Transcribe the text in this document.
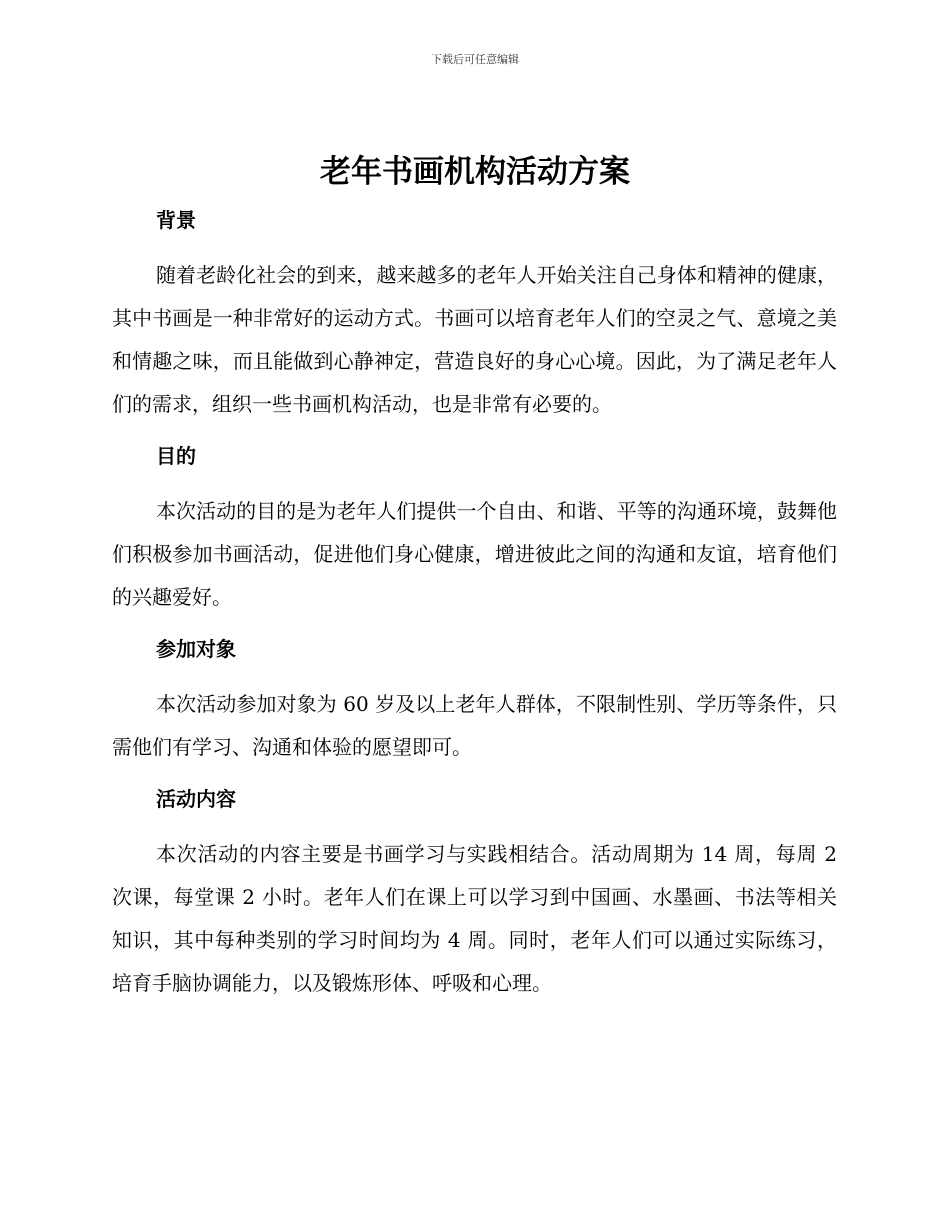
下载后可任意编辑
老年书画机构活动方案
背景

随着老龄化社会的到来，越来越多的老年人开始关注自己身体和精神的健康，其中书画是一种非常好的运动方式。书画可以培育老年人们的空灵之气、意境之美和情趣之味，而且能做到心静神定，营造良好的身心心境。因此，为了满足老年人们的需求，组织一些书画机构活动，也是非常有必要的。

目的

本次活动的目的是为老年人们提供一个自由、和谐、平等的沟通环境，鼓舞他们积极参加书画活动，促进他们身心健康，增进彼此之间的沟通和友谊，培育他们的兴趣爱好。

参加对象

本次活动参加对象为 60 岁及以上老年人群体，不限制性别、学历等条件，只需他们有学习、沟通和体验的愿望即可。

活动内容

本次活动的内容主要是书画学习与实践相结合。活动周期为 14 周，每周 2 次课，每堂课 2 小时。老年人们在课上可以学习到中国画、水墨画、书法等相关知识，其中每种类别的学习时间均为 4 周。同时，老年人们可以通过实际练习，培育手脑协调能力，以及锻炼形体、呼吸和心理。
